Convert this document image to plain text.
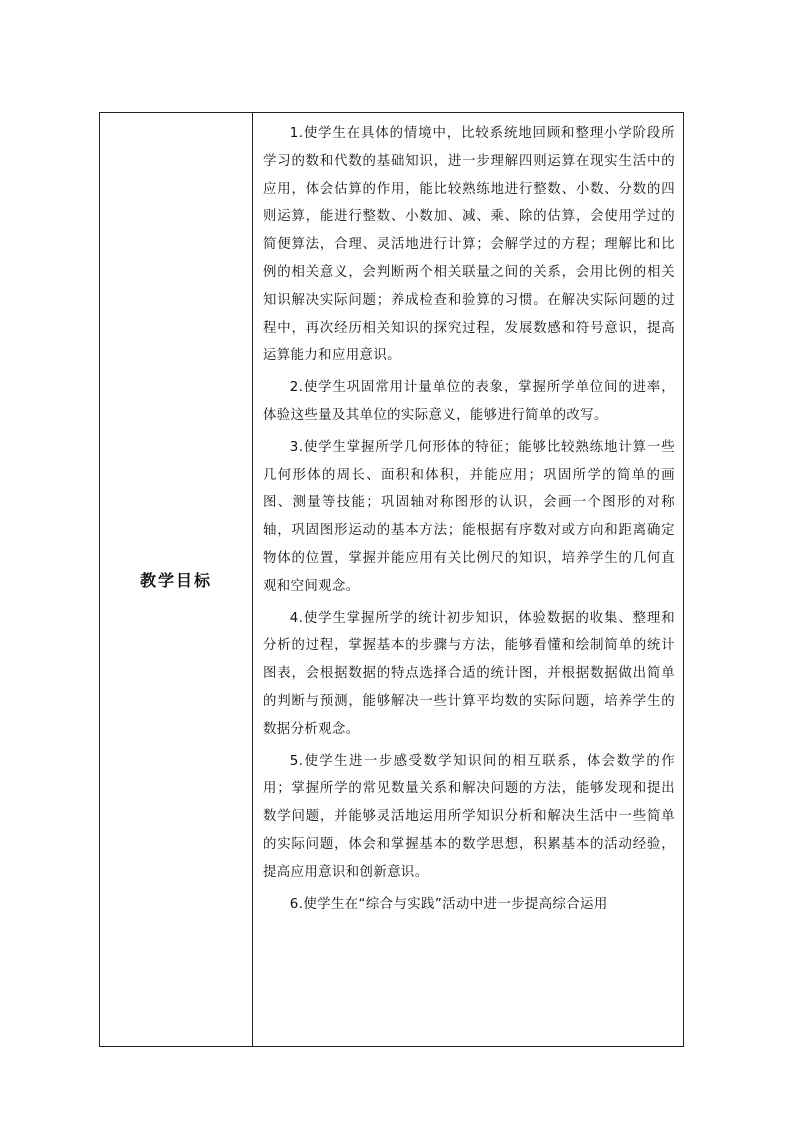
教学目标

1.使学生在具体的情境中，比较系统地回顾和整理小学阶段所学习的数和代数的基础知识，进一步理解四则运算在现实生活中的应用，体会估算的作用，能比较熟练地进行整数、小数、分数的四则运算，能进行整数、小数加、减、乘、除的估算，会使用学过的简便算法，合理、灵活地进行计算；会解学过的方程；理解比和比例的相关意义，会判断两个相关联量之间的关系，会用比例的相关知识解决实际问题；养成检查和验算的习惯。在解决实际问题的过程中，再次经历相关知识的探究过程，发展数感和符号意识，提高运算能力和应用意识。

2.使学生巩固常用计量单位的表象，掌握所学单位间的进率，体验这些量及其单位的实际意义，能够进行简单的改写。

3.使学生掌握所学几何形体的特征；能够比较熟练地计算一些几何形体的周长、面积和体积，并能应用；巩固所学的简单的画图、测量等技能；巩固轴对称图形的认识，会画一个图形的对称轴，巩固图形运动的基本方法；能根据有序数对或方向和距离确定物体的位置，掌握并能应用有关比例尺的知识，培养学生的几何直观和空间观念。

4.使学生掌握所学的统计初步知识，体验数据的收集、整理和分析的过程，掌握基本的步骤与方法，能够看懂和绘制简单的统计图表，会根据数据的特点选择合适的统计图，并根据数据做出简单的判断与预测，能够解决一些计算平均数的实际问题，培养学生的数据分析观念。

5.使学生进一步感受数学知识间的相互联系，体会数学的作用；掌握所学的常见数量关系和解决问题的方法，能够发现和提出数学问题，并能够灵活地运用所学知识分析和解决生活中一些简单的实际问题，体会和掌握基本的数学思想，积累基本的活动经验，提高应用意识和创新意识。

6.使学生在“综合与实践”活动中进一步提高综合运用
